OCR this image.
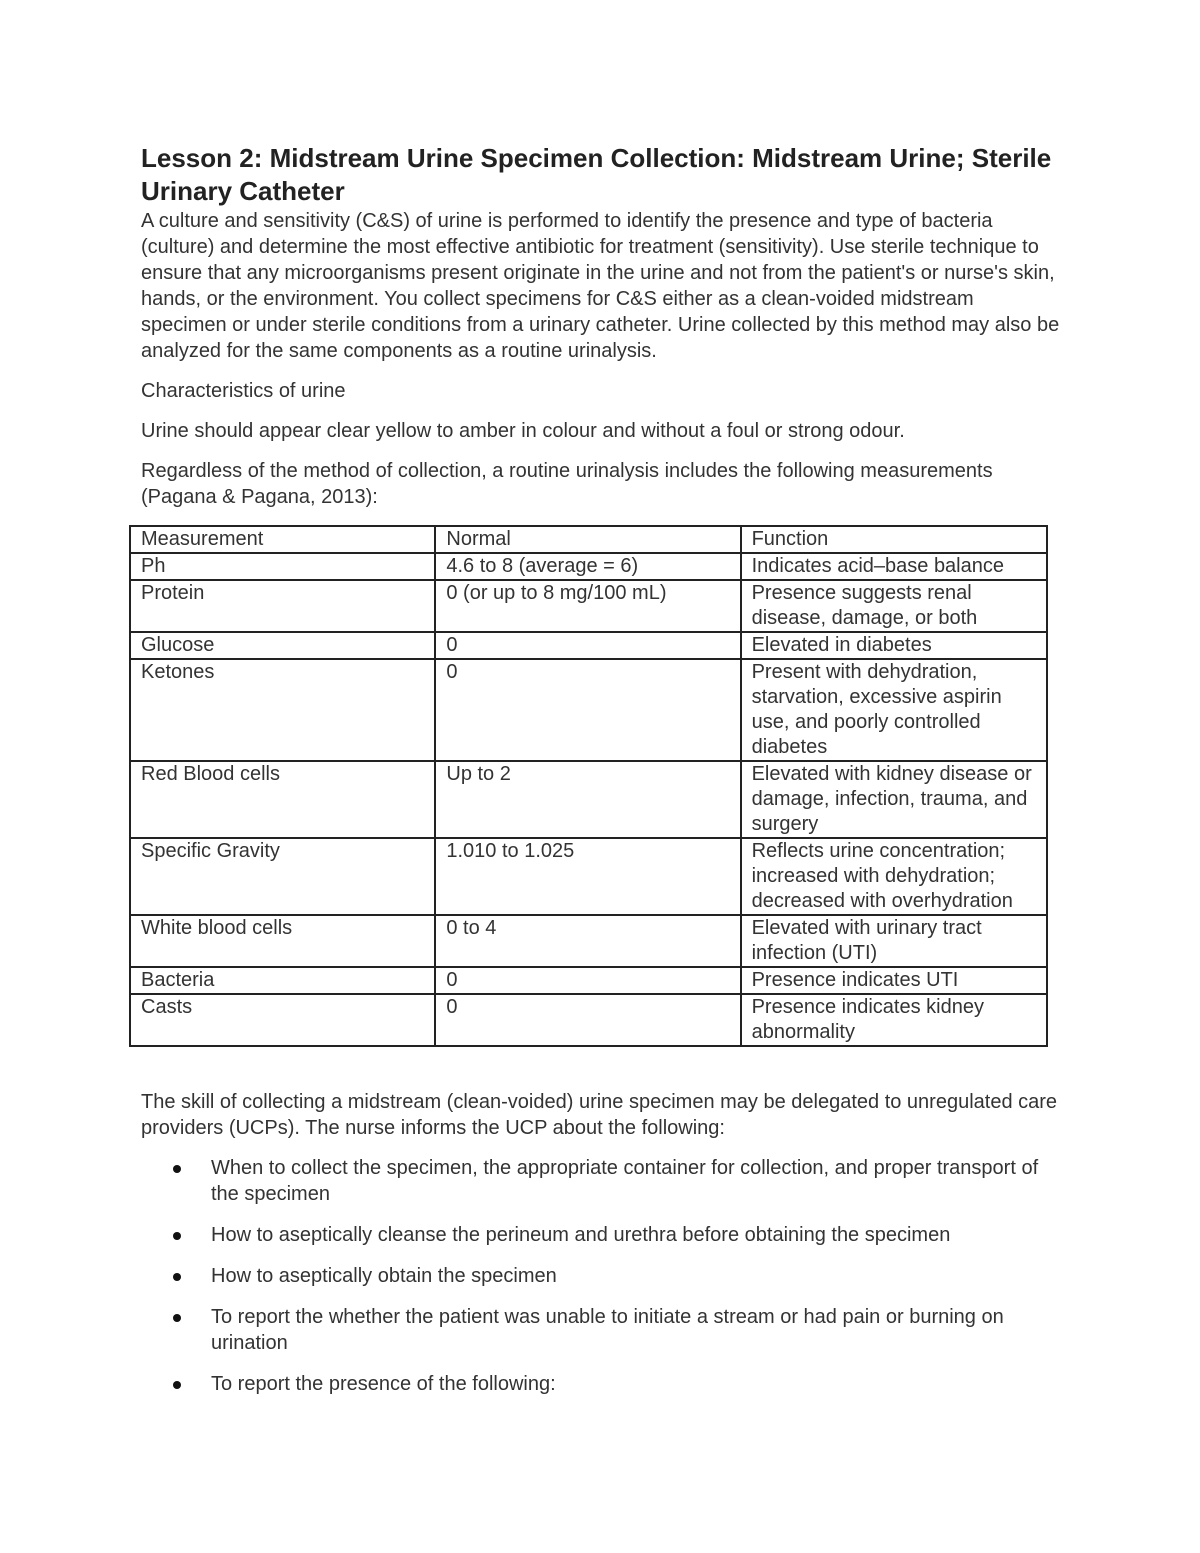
Lesson 2: Midstream Urine Specimen Collection: Midstream Urine; Sterile Urinary Catheter

A culture and sensitivity (C&S) of urine is performed to identify the presence and type of bacteria (culture) and determine the most effective antibiotic for treatment (sensitivity). Use sterile technique to ensure that any microorganisms present originate in the urine and not from the patient's or nurse's skin, hands, or the environment. You collect specimens for C&S either as a clean-voided midstream specimen or under sterile conditions from a urinary catheter. Urine collected by this method may also be analyzed for the same components as a routine urinalysis.

Characteristics of urine

Urine should appear clear yellow to amber in colour and without a foul or strong odour.

Regardless of the method of collection, a routine urinalysis includes the following measurements (Pagana & Pagana, 2013):

Measurement	Normal	Function
Ph	4.6 to 8 (average = 6)	Indicates acid–base balance
Protein	0 (or up to 8 mg/100 mL)	Presence suggests renal disease, damage, or both
Glucose	0	Elevated in diabetes
Ketones	0	Present with dehydration, starvation, excessive aspirin use, and poorly controlled diabetes
Red Blood cells	Up to 2	Elevated with kidney disease or damage, infection, trauma, and surgery
Specific Gravity	1.010 to 1.025	Reflects urine concentration; increased with dehydration; decreased with overhydration
White blood cells	0 to 4	Elevated with urinary tract infection (UTI)
Bacteria	0	Presence indicates UTI
Casts	0	Presence indicates kidney abnormality

The skill of collecting a midstream (clean-voided) urine specimen may be delegated to unregulated care providers (UCPs). The nurse informs the UCP about the following:

When to collect the specimen, the appropriate container for collection, and proper transport of the specimen
How to aseptically cleanse the perineum and urethra before obtaining the specimen
How to aseptically obtain the specimen
To report the whether the patient was unable to initiate a stream or had pain or burning on urination
To report the presence of the following:
